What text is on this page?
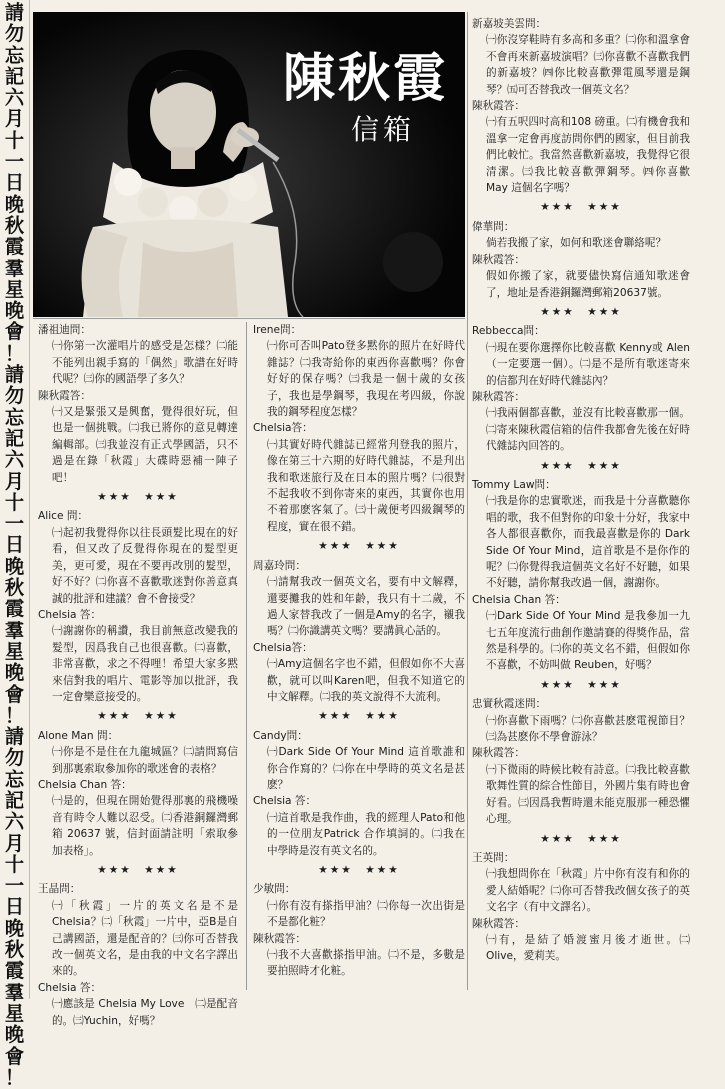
請
勿
忘
記
六
月
十
一
日
晚
秋
霞
羣
星
晚
會
！
請
勿
忘
記
六
月
十
一
日
晚
秋
霞
羣
星
晚
會
！
請
勿
忘
記
六
月
十
一
日
晚
秋
霞
羣
星
晚
會
！
陳秋霞
信箱

潘祖迪問：

㈠你第一次灌唱片的感受是怎樣？㈡能不能列出親手寫的「偶然」歌譜在好時代呢？㈢你的國語學了多久？

陳秋霞答：

㈠又是緊張又是興奮，覺得很好玩，但也是一個挑戰。㈡我已將你的意見轉達編輯部。㈢我並沒有正式學國語，只不過是在錄「秋霞」大碟時惡補一陣子吧！

★★★　★★★

Alice 問：

㈠起初我覺得你以往長頭髮比現在的好看，但又改了反覺得你現在的髮型更美，更可愛，現在不要再改別的髮型，好不好？㈡你喜不喜歡歌迷對你善意真誠的批評和建議？會不會接受？

Chelsia 答：

㈠謝謝你的稱讚，我目前無意改變我的髮型，因爲我自己也很喜歡。㈡喜歡，非常喜歡，求之不得哩！希望大家多黙來信對我的唱片、電影等加以批評，我一定會樂意接受的。

★★★　★★★

Alone Man 問：

㈠你是不是住在九龍城區？㈡請問寫信到那裏索取參加你的歌迷會的表格？

Chelsia Chan 答：

㈠是的，但現在開始覺得那裏的飛機噪音有時令人難以忍受。㈡香港銅鑼灣郵箱 20637 號，信封面請註明「索取參加表格」。

★★★　★★★

王晶問：

㈠「秋霞」一片的英文名是不是 Chelsia？㈡「秋霞」一片中，亞B是自己講國語，還是配音的？㈢你可否替我改一個英文名，是由我的中文名字譯出來的。

Chelsia 答：

㈠應該是 Chelsia My Love　㈡是配音的。㈢Yuchin，好嗎？

Irene問：

㈠你可否叫Pato登多黙你的照片在好時代雜誌？㈡我寄給你的東西你喜歡嗎？你會好好的保存嗎？㈢我是一個十歲的女孩子，我也是學鋼琴，我現在考四級，你說我的鋼琴程度怎樣？

Chelsia答：

㈠其實好時代雜誌已經常刋登我的照片，像在第三十六期的好時代雜誌，不是刋出我和歌迷旅行及在日本的照片嗎？㈡很對不起我收不到你寄來的東西，其實你也用不着那麽客氣了。㈢十歲便考四級鋼琴的程度，實在很不錯。

★★★　★★★

周嘉玲問：

㈠請幫我改一個英文名，要有中文解釋，還要攤我的姓和年齡，我只有十二歲，不過人家替我改了一個是Amy的名字，襯我嗎？㈡你識講英文嗎？要講眞心話的。

Chelsia答：

㈠Amy這個名字也不錯，但假如你不大喜歡，就可以叫Karen吧，但我不知道它的中文解釋。㈡我的英文說得不大流利。

★★★　★★★

Candy問：

㈠Dark Side Of Your Mind 這首歌誰和你合作寫的？㈡你在中學時的英文名是甚麽？

Chelsia 答：

㈠這首歌是我作曲，我的經理人Pato和他的一位朋友Patrick 合作填詞的。㈡我在中學時是沒有英文名的。

★★★　★★★

少敏問：

㈠你有沒有搽指甲油？㈡你每一次出街是不是都化粧？

陳秋霞答：

㈠我不大喜歡搽指甲油。㈡不是，多數是要拍照時才化粧。

新嘉坡美雲問：

㈠你沒穿鞋時有多高和多重？㈡你和溫拿會不會再來新嘉坡演唱？㈢你喜歡不喜歡我們的新嘉坡？㈣你比較喜歡彈電風琴還是鋼琴？㈤可否替我改一個英文名？

陳秋霞答：

㈠有五呎四吋高和108 磅重。㈡有機會我和溫拿一定會再度訪問你們的國家，但目前我們比較忙。我當然喜歡新嘉坡，我覺得它很清潔。㈢我比較喜歡彈鋼琴。㈣你喜歡 May 這個名字嗎？

★★★　★★★

偉華問：

倘若我搬了家，如何和歌迷會聯絡呢？

陳秋霞答：

假如你搬了家，就要儘快寫信通知歌迷會了，地址是香港銅鑼灣郵箱20637號。

★★★　★★★

Rebbecca問：

㈠現在要你選擇你比較喜歡 Kenny或 Alen（一定要選一個）。㈡是不是所有歌迷寄來的信都刋在好時代雜誌內？

陳秋霞答：

㈠我兩個都喜歡，並沒有比較喜歡那一個。㈡寄來陳秋霞信箱的信件我都會先後在好時代雜誌內回答的。

★★★　★★★

Tommy Law問：

㈠我是你的忠實歌迷，而我是十分喜歡聽你唱的歌，我不但對你的印象十分好，我家中各人都很喜歡你，而我最喜歡是你的 Dark Side Of Your Mind，這首歌是不是你作的呢？㈡你覺得我這個英文名好不好聽，如果不好聽，請你幫我改過一個，謝謝你。

Chelsia Chan 答：

㈠Dark Side Of Your Mind 是我參加一九七五年度流行曲創作邀請賽的得獎作品，當然是科學的。㈡你的英文名不錯，但假如你不喜歡，不妨叫做 Reuben，好嗎？

★★★　★★★

忠實秋霞迷問：

㈠你喜歡下雨嗎？㈡你喜歡甚麽電視節目？㈢為甚麽你不學會游泳？

陳秋霞答：

㈠下微雨的時候比較有詩意。㈡我比較喜歡歌舞性質的綜合性節目，外國片集有時也會好看。㈢因爲我暫時還未能克服那一種恐懼心理。

★★★　★★★

王英問：

㈠我想問你在「秋霞」片中你有沒有和你的愛人結婚呢？㈡你可否替我改個女孩子的英文名字（有中文譯名）。

陳秋霞答：

㈠有，是結了婚渡蜜月後才逝世。㈡Olive，愛莉芙。
